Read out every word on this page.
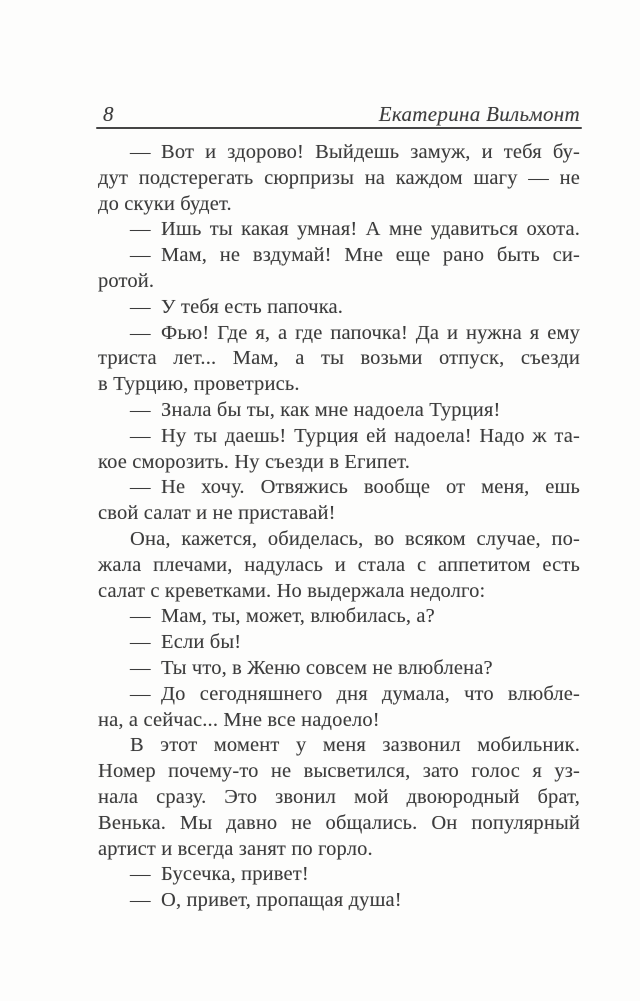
8	Екатерина Вильмонт
— Вот и здорово! Выйдешь замуж, и тебя бу-
дут подстерегать сюрпризы на каждом шагу — не
до скуки будет.
— Ишь ты какая умная! А мне удавиться охота.
— Мам, не вздумай! Мне еще рано быть си-
ротой.
— У тебя есть папочка.
— Фью! Где я, а где папочка! Да и нужна я ему
триста лет... Мам, а ты возьми отпуск, съезди
в Турцию, проветрись.
— Знала бы ты, как мне надоела Турция!
— Ну ты даешь! Турция ей надоела! Надо ж та-
кое сморозить. Ну съезди в Египет.
— Не хочу. Отвяжись вообще от меня, ешь
свой салат и не приставай!
Она, кажется, обиделась, во всяком случае, по-
жала плечами, надулась и стала с аппетитом есть
салат с креветками. Но выдержала недолго:
— Мам, ты, может, влюбилась, а?
— Если бы!
— Ты что, в Женю совсем не влюблена?
— До сегодняшнего дня думала, что влюбле-
на, а сейчас... Мне все надоело!
В этот момент у меня зазвонил мобильник.
Номер почему-то не высветился, зато голос я уз-
нала сразу. Это звонил мой двоюродный брат,
Венька. Мы давно не общались. Он популярный
артист и всегда занят по горло.
— Бусечка, привет!
— О, привет, пропащая душа!
